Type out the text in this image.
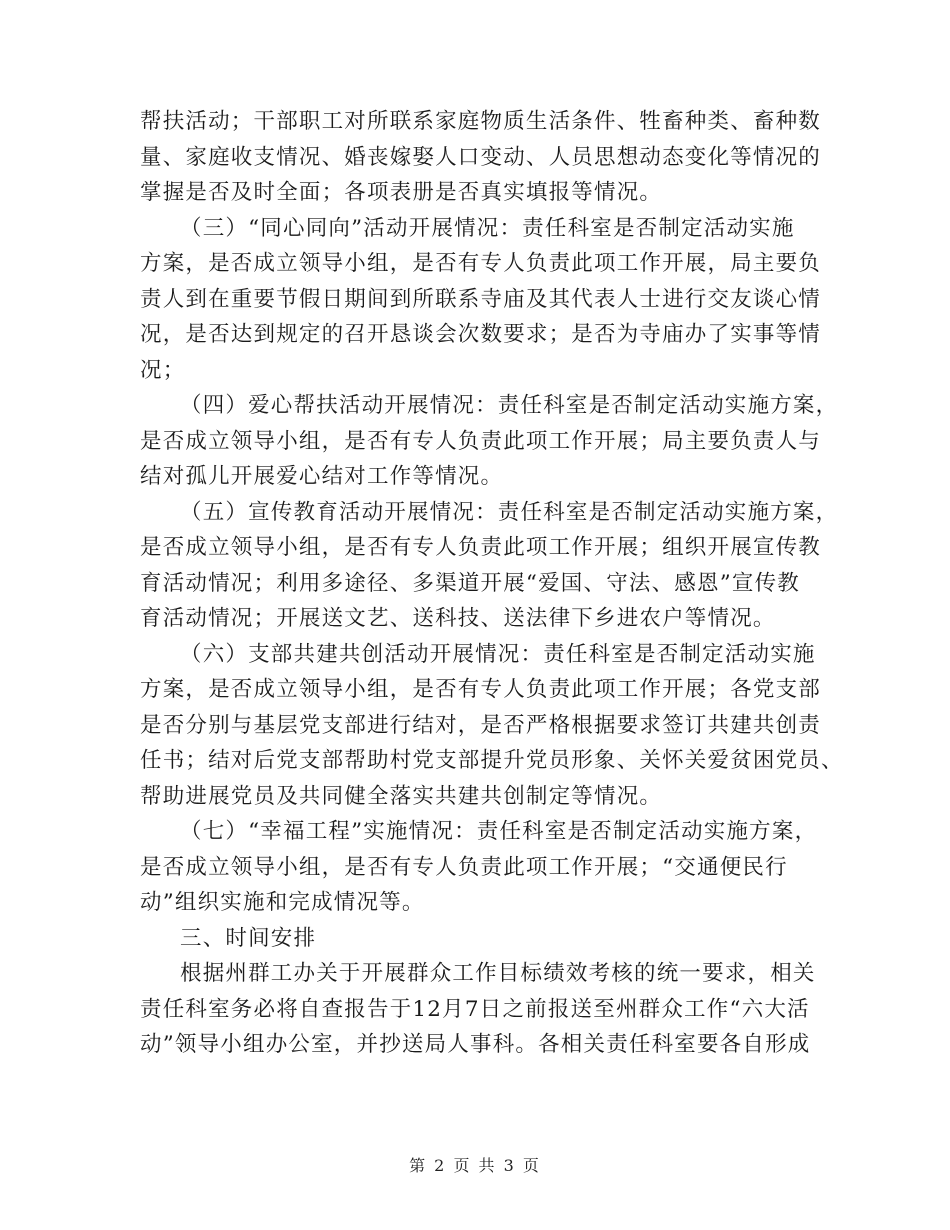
帮扶活动；干部职工对所联系家庭物质生活条件、牲畜种类、畜种数
量、家庭收支情况、婚丧嫁娶人口变动、人员思想动态变化等情况的
掌握是否及时全面；各项表册是否真实填报等情况。
（三）“同心同向”活动开展情况：责任科室是否制定活动实施
方案，是否成立领导小组，是否有专人负责此项工作开展，局主要负
责人到在重要节假日期间到所联系寺庙及其代表人士进行交友谈心情
况，是否达到规定的召开恳谈会次数要求；是否为寺庙办了实事等情
况；
（四）爱心帮扶活动开展情况：责任科室是否制定活动实施方案，
是否成立领导小组，是否有专人负责此项工作开展；局主要负责人与
结对孤儿开展爱心结对工作等情况。
（五）宣传教育活动开展情况：责任科室是否制定活动实施方案，
是否成立领导小组，是否有专人负责此项工作开展；组织开展宣传教
育活动情况；利用多途径、多渠道开展“爱国、守法、感恩”宣传教
育活动情况；开展送文艺、送科技、送法律下乡进农户等情况。
（六）支部共建共创活动开展情况：责任科室是否制定活动实施
方案，是否成立领导小组，是否有专人负责此项工作开展；各党支部
是否分别与基层党支部进行结对，是否严格根据要求签订共建共创责
任书；结对后党支部帮助村党支部提升党员形象、关怀关爱贫困党员、
帮助进展党员及共同健全落实共建共创制定等情况。
（七）“幸福工程”实施情况：责任科室是否制定活动实施方案，
是否成立领导小组，是否有专人负责此项工作开展；“交通便民行
动”组织实施和完成情况等。
三、时间安排
根据州群工办关于开展群众工作目标绩效考核的统一要求，相关
责任科室务必将自查报告于12月7日之前报送至州群众工作“六大活
动”领导小组办公室，并抄送局人事科。各相关责任科室要各自形成
第 2 页 共 3 页
